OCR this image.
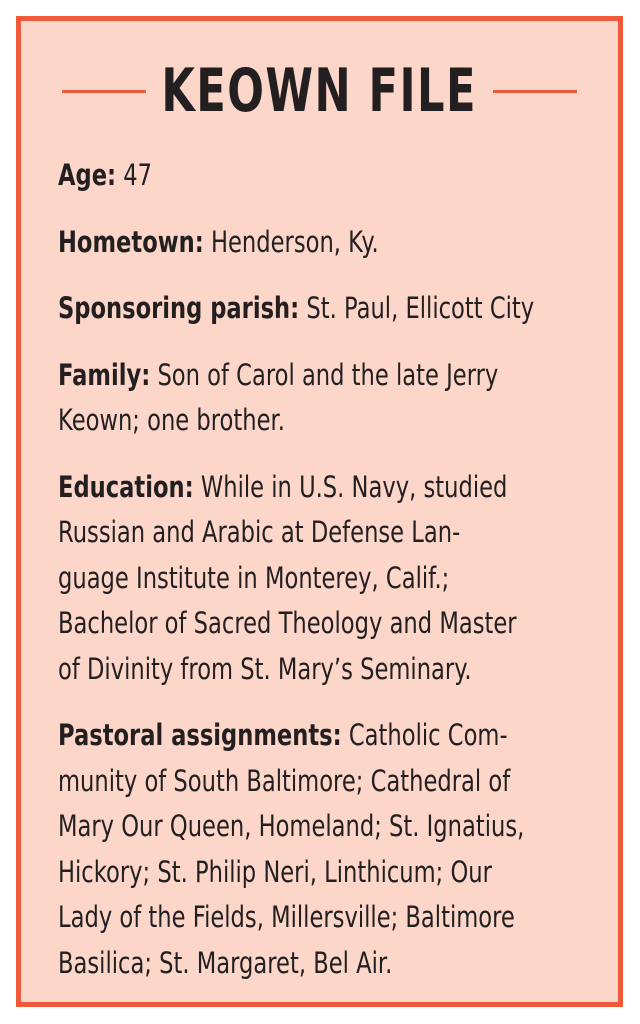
KEOWN FILE
Age: 47
Hometown: Henderson, Ky.
Sponsoring parish: St. Paul, Ellicott City
Family: Son of Carol and the late Jerry
Keown; one brother.
Education: While in U.S. Navy, studied
Russian and Arabic at Defense Lan-
guage Institute in Monterey, Calif.;
Bachelor of Sacred Theology and Master
of Divinity from St. Mary’s Seminary.
Pastoral assignments: Catholic Com-
munity of South Baltimore; Cathedral of
Mary Our Queen, Homeland; St. Ignatius,
Hickory; St. Philip Neri, Linthicum; Our
Lady of the Fields, Millersville; Baltimore
Basilica; St. Margaret, Bel Air.
